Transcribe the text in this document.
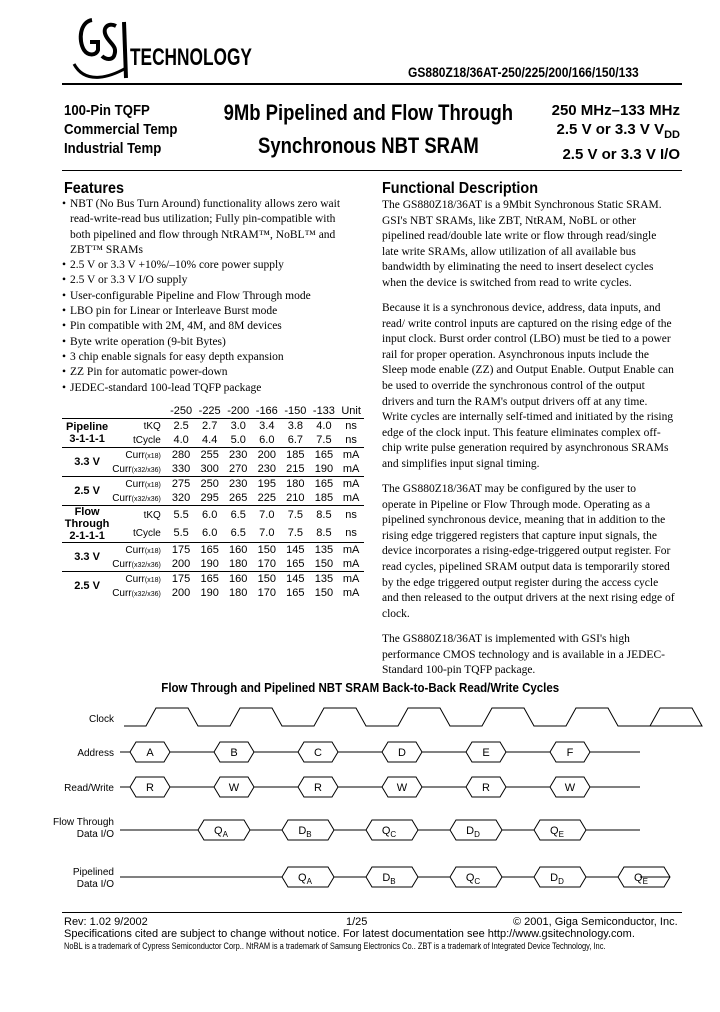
TECHNOLOGY
GS880Z18/36AT-250/225/200/166/150/133
100-Pin TQFP
Commercial Temp
Industrial Temp
9Mb Pipelined and Flow Through
Synchronous NBT SRAM
250 MHz–133 MHz
2.5 V or 3.3 V $V_{DD}$
2.5 V or 3.3 V I/O
Features
• NBT (No Bus Turn Around) functionality allows zero wait
read-write-read bus utilization; Fully pin-compatible with
both pipelined and flow through NtRAM™, NoBL™ and
ZBT™ SRAMs
• 2.5 V or 3.3 V +10%/–10% core power supply
• 2.5 V or 3.3 V I/O supply
• User-configurable Pipeline and Flow Through mode
• LBO pin for Linear or Interleave Burst mode
• Pin compatible with 2M, 4M, and 8M devices
• Byte write operation (9-bit Bytes)
• 3 chip enable signals for easy depth expansion
• ZZ Pin for automatic power-down
• JEDEC-standard 100-lead TQFP package
		-250	-225	-200	-166	-150	-133	Unit

Pipeline
3-1-1-1	tKQ	2.5	2.7	3.0	3.4	3.8	4.0	ns
	tCycle	4.0	4.4	5.0	6.0	6.7	7.5	ns

3.3 V	Curr(x18)	280	255	230	200	185	165	mA
	Curr(x32/x36)	330	300	270	230	215	190	mA

2.5 V	Curr(x18)	275	250	230	195	180	165	mA
	Curr(x32/x36)	320	295	265	225	210	185	mA

Flow
Through
2-1-1-1	tKQ	5.5	6.0	6.5	7.0	7.5	8.5	ns
	tCycle	5.5	6.0	6.5	7.0	7.5	8.5	ns

3.3 V	Curr(x18)	175	165	160	150	145	135	mA
	Curr(x32/x36)	200	190	180	170	165	150	mA

2.5 V	Curr(x18)	175	165	160	150	145	135	mA
	Curr(x32/x36)	200	190	180	170	165	150	mA
Functional Description
The GS880Z18/36AT is a 9Mbit Synchronous Static SRAM.
GSI's NBT SRAMs, like ZBT, NtRAM, NoBL or other
pipelined read/double late write or flow through read/single
late write SRAMs, allow utilization of all available bus
bandwidth by eliminating the need to insert deselect cycles
when the device is switched from read to write cycles.
Because it is a synchronous device, address, data inputs, and
read/ write control inputs are captured on the rising edge of the
input clock. Burst order control (LBO) must be tied to a power
rail for proper operation. Asynchronous inputs include the
Sleep mode enable (ZZ) and Output Enable. Output Enable can
be used to override the synchronous control of the output
drivers and turn the RAM's output drivers off at any time.
Write cycles are internally self-timed and initiated by the rising
edge of the clock input. This feature eliminates complex off-
chip write pulse generation required by asynchronous SRAMs
and simplifies input signal timing.
The GS880Z18/36AT may be configured by the user to
operate in Pipeline or Flow Through mode. Operating as a
pipelined synchronous device, meaning that in addition to the
rising edge triggered registers that capture input signals, the
device incorporates a rising-edge-triggered output register. For
read cycles, pipelined SRAM output data is temporarily stored
by the edge triggered output register during the access cycle
and then released to the output drivers at the next rising edge of
clock.
The GS880Z18/36AT is implemented with GSI's high
performance CMOS technology and is available in a JEDEC-
Standard 100-pin TQFP package.
Flow Through and Pipelined NBT SRAM Back-to-Back Read/Write Cycles
Clock
Address
Read/Write
Flow Through
Data I/O
Pipelined
Data I/O
A	B	C	D	E	F
R	W	R	W	R	W
$Q_A$	$D_B$	$Q_C$	$D_D$	$Q_E$
$Q_A$	$D_B$	$Q_C$	$D_D$	$Q_E$
Rev: 1.02 9/2002	1/25	© 2001, Giga Semiconductor, Inc.
Specifications cited are subject to change without notice. For latest documentation see http://www.gsitechnology.com.
NoBL is a trademark of Cypress Semiconductor Corp.. NtRAM is a trademark of Samsung Electronics Co.. ZBT is a trademark of Integrated Device Technology, Inc.
